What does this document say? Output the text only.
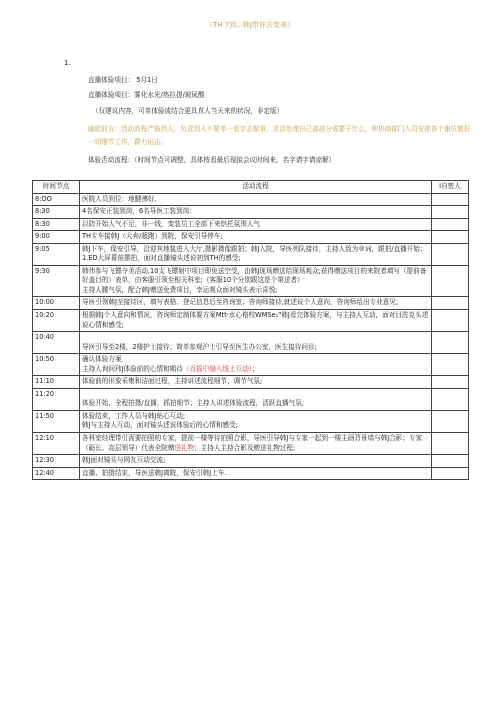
（TH 7到...韩J带你去变美》
1.
直播体验项目： 5月1日
直播体验项目：雾化水光/热拉提/玻尿酸
（仅建议内容，可单体验或结合更具真人当天来的状况，非定版）
幽欧前言：活动流程严格到人，负责到人不要单一看字去做事，灵活处理自己部部分需要干什么，和协商部门人员安排各个谢位做好一切细节工作，群力出击。
体验舌动流程：（时间节点可调整，具体按看最后现拟会议时间来，名字请字请谅解）
时间节点	活动流程	I自密人
8:OO	医院人员到位：地腱彿好.	

8:30	4名保安正装到岗，6名导医工装到岗：	

8:30	以防开始人气不足，非一线，变装员工全部下来烘托氛围人气	

9:00	TH专车接韩J（大奔/超跑）到院，保安引导停车;	

9:05	韩J下车，保安引导，沿迎宾地毯进入大厅,摄影摄像跟拍；韩J入院，导医列队接待，主持人致为®词，跟拍/直播开始；
1.ED大屏幕前摆拍，面对直播镜头述说初到TH的感受;	

9:30	韩伟参与飞镖夺美活动,10支飞镖射中项目即免送空受，由韩J现场赠送给现场观众;获得赠送项目的来院者填写（提前备好盖目的）表单，由客服引领至相关科室;（客服10个分别跟这是个第送者）
主持人腰气氛，配合韩J赠送免费项目，幸运观众面对镜头表示喜悦;	

10:00	导医引领韩J至接待区，填写表格、登记信息后至咨询室；咨询师接待,就述说个人意向，咨询师给出专业意见;	

10:20	根据韩J个人意向和情况，咨询师定制体要方案Mtt·水心格校WMSe₁"韩J看完体验方案，与主持人互动，面对目洗克头述说心情和感受;	

10:40	导医引导至2楼，2楼护士接待；简单参观沪士引导至医生办公室，医生接待问诊;	

10:50	确认体验方案
主持人询问玮J体验前的心情和期待（百摇中融入线上互动）；	

11:10	体验前的形象采集和洁面过程，主持讲述流程细节，调节气氛;	

11:20	体验开始，全程拍摄/直播，抓拍细节；主持人讲述体验流程，活跃直播气氛;	

11:50	体验结束，工作人员与韩J贴心互动;
韩J与主持人互动，面对镜头述说体验后的心情和感受;	

12:10	各科室经理带引需要拍照的专家，提前一楼等待拍照合影，导医引导韩J与专家一起到一楼主画背景墙与韩J合影；专家（砺长、高层领导）代表全院赠送礼物；主持人主持合影及赠送礼物过程;	

12:30	韩J面对镜头与网友互动交流;	

12:40	直播、拍摄结束，导医送韩J离院，保安引韩J上车.	
